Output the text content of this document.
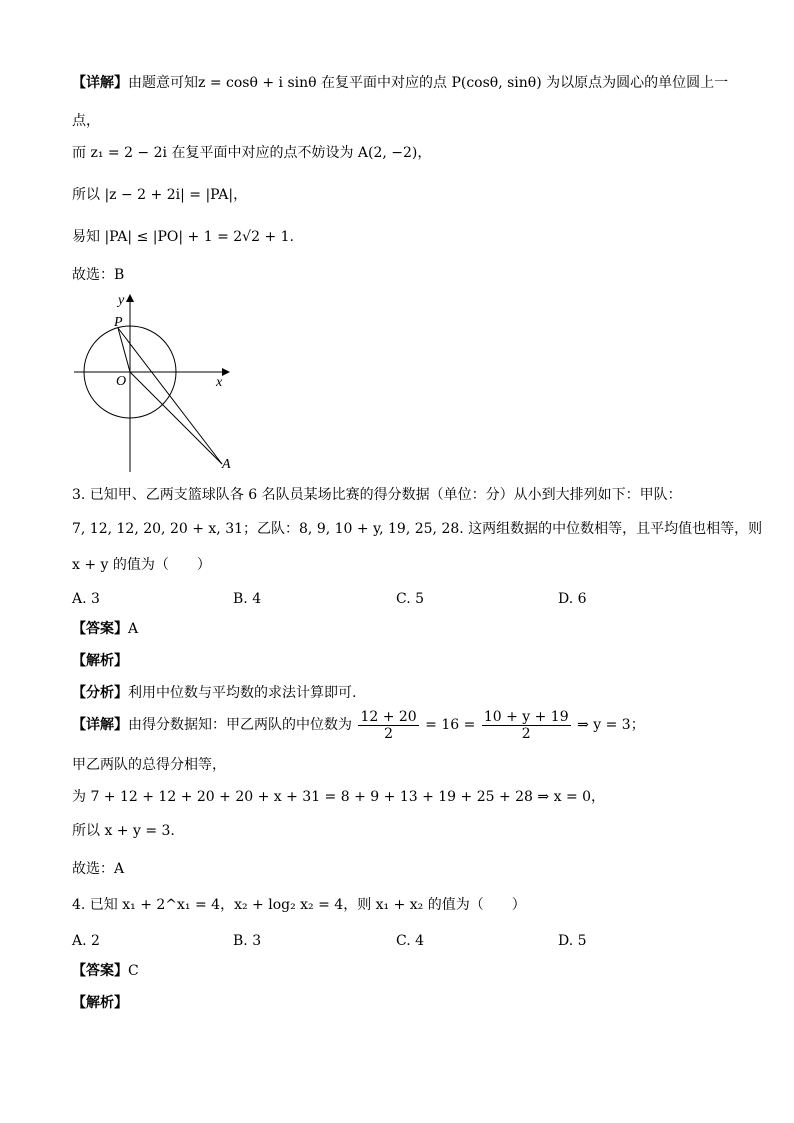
【详解】由题意可知z = cosθ + i sinθ 在复平面中对应的点 P(cosθ, sinθ) 为以原点为圆心的单位圆上一
点，
而 z₁ = 2 − 2i 在复平面中对应的点不妨设为 A(2, −2)，
所以 |z − 2 + 2i| = |PA|，
易知 |PA| ≤ |PO| + 1 = 2√2 + 1.
故选：B
y
x
P
O
A
3. 已知甲、乙两支篮球队各 6 名队员某场比赛的得分数据（单位：分）从小到大排列如下：甲队：
7, 12, 12, 20, 20 + x, 31；乙队：8, 9, 10 + y, 19, 25, 28. 这两组数据的中位数相等，且平均值也相等，则
x + y 的值为（　　）
A. 3	B. 4	C. 5	D. 6
【答案】A
【解析】
【分析】利用中位数与平均数的求法计算即可.
【详解】由得分数据知：甲乙两队的中位数为 $\frac{12 + 20}{2} = 16 = \frac{10 + y + 19}{2}$ ⇒ y = 3；
甲乙两队的总得分相等，
为 7 + 12 + 12 + 20 + 20 + x + 31 = 8 + 9 + 13 + 19 + 25 + 28 ⇒ x = 0，
所以 x + y = 3.
故选：A
4. 已知 x₁ + 2^x₁ = 4，x₂ + log₂ x₂ = 4，则 x₁ + x₂ 的值为（　　）
A. 2	B. 3	C. 4	D. 5
【答案】C
【解析】
